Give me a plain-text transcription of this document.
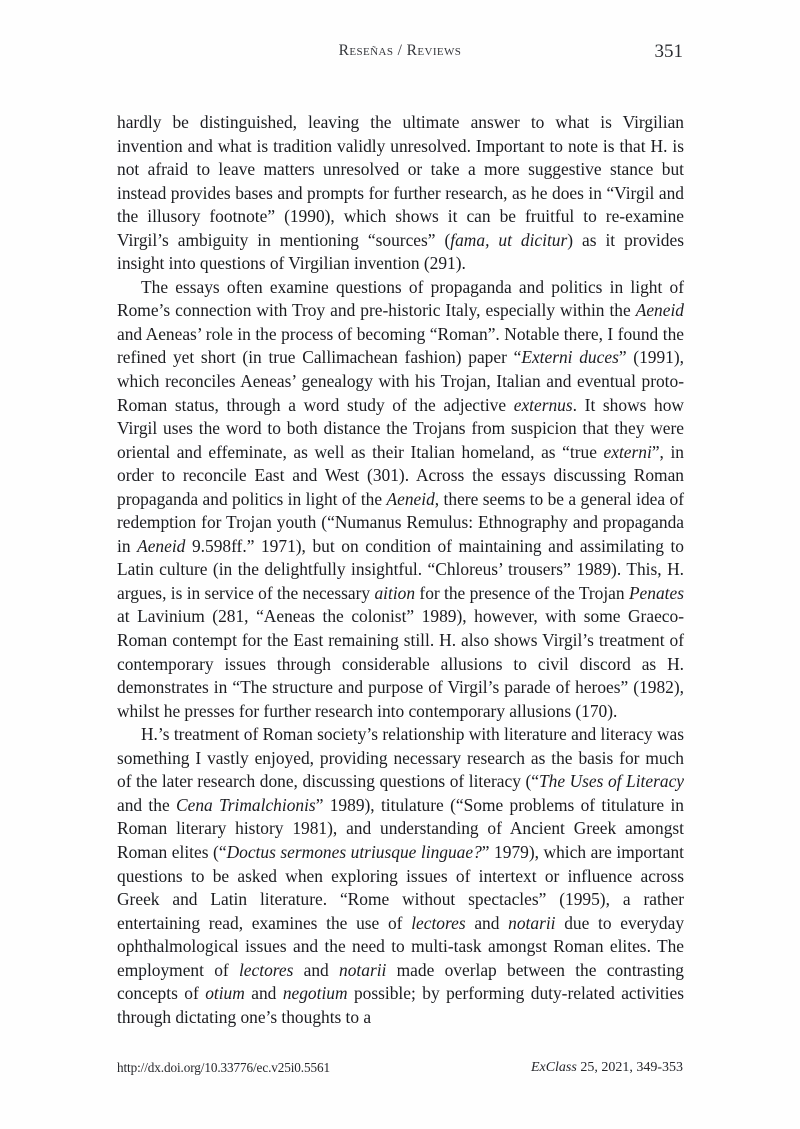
Reseñas / Reviews	351

hardly be distinguished, leaving the ultimate answer to what is Virgilian invention and what is tradition validly unresolved. Important to note is that H. is not afraid to leave matters unresolved or take a more suggestive stance but instead provides bases and prompts for further research, as he does in “Virgil and the illusory footnote” (1990), which shows it can be fruitful to re-examine Virgil’s ambiguity in mentioning “sources” (fama, ut dicitur) as it provides insight into questions of Virgilian invention (291).

The essays often examine questions of propaganda and politics in light of Rome’s connection with Troy and pre-historic Italy, especially within the Aeneid and Aeneas’ role in the process of becoming “Roman”. Notable there, I found the refined yet short (in true Callimachean fashion) paper “Externi duces” (1991), which reconciles Aeneas’ genealogy with his Trojan, Italian and eventual proto-Roman status, through a word study of the adjective externus. It shows how Virgil uses the word to both distance the Trojans from suspicion that they were oriental and effeminate, as well as their Italian homeland, as “true externi”, in order to reconcile East and West (301). Across the essays discussing Roman propaganda and politics in light of the Aeneid, there seems to be a general idea of redemption for Trojan youth (“Numanus Remulus: Ethnography and propaganda in Aeneid 9.598ff.” 1971), but on condition of maintaining and assimilating to Latin culture (in the delightfully insightful. “Chloreus’ trousers” 1989). This, H. argues, is in service of the necessary aition for the presence of the Trojan Penates at Lavinium (281, “Aeneas the colonist” 1989), however, with some Graeco-Roman contempt for the East remaining still. H. also shows Virgil’s treatment of contemporary issues through considerable allusions to civil discord as H. demonstrates in “The structure and purpose of Virgil’s parade of heroes” (1982), whilst he presses for further research into contemporary allusions (170).

H.’s treatment of Roman society’s relationship with literature and literacy was something I vastly enjoyed, providing necessary research as the basis for much of the later research done, discussing questions of literacy (“The Uses of Literacy and the Cena Trimalchionis” 1989), titulature (“Some problems of titulature in Roman literary history 1981), and understanding of Ancient Greek amongst Roman elites (“Doctus sermones utriusque linguae?” 1979), which are important questions to be asked when exploring issues of intertext or influence across Greek and Latin literature. “Rome without spectacles” (1995), a rather entertaining read, examines the use of lectores and notarii due to everyday ophthalmological issues and the need to multi-task amongst Roman elites. The employment of lectores and notarii made overlap between the contrasting concepts of otium and negotium possible; by performing duty-related activities through dictating one’s thoughts to a

http://dx.doi.org/10.33776/ec.v25i0.5561	ExClass 25, 2021, 349-353
